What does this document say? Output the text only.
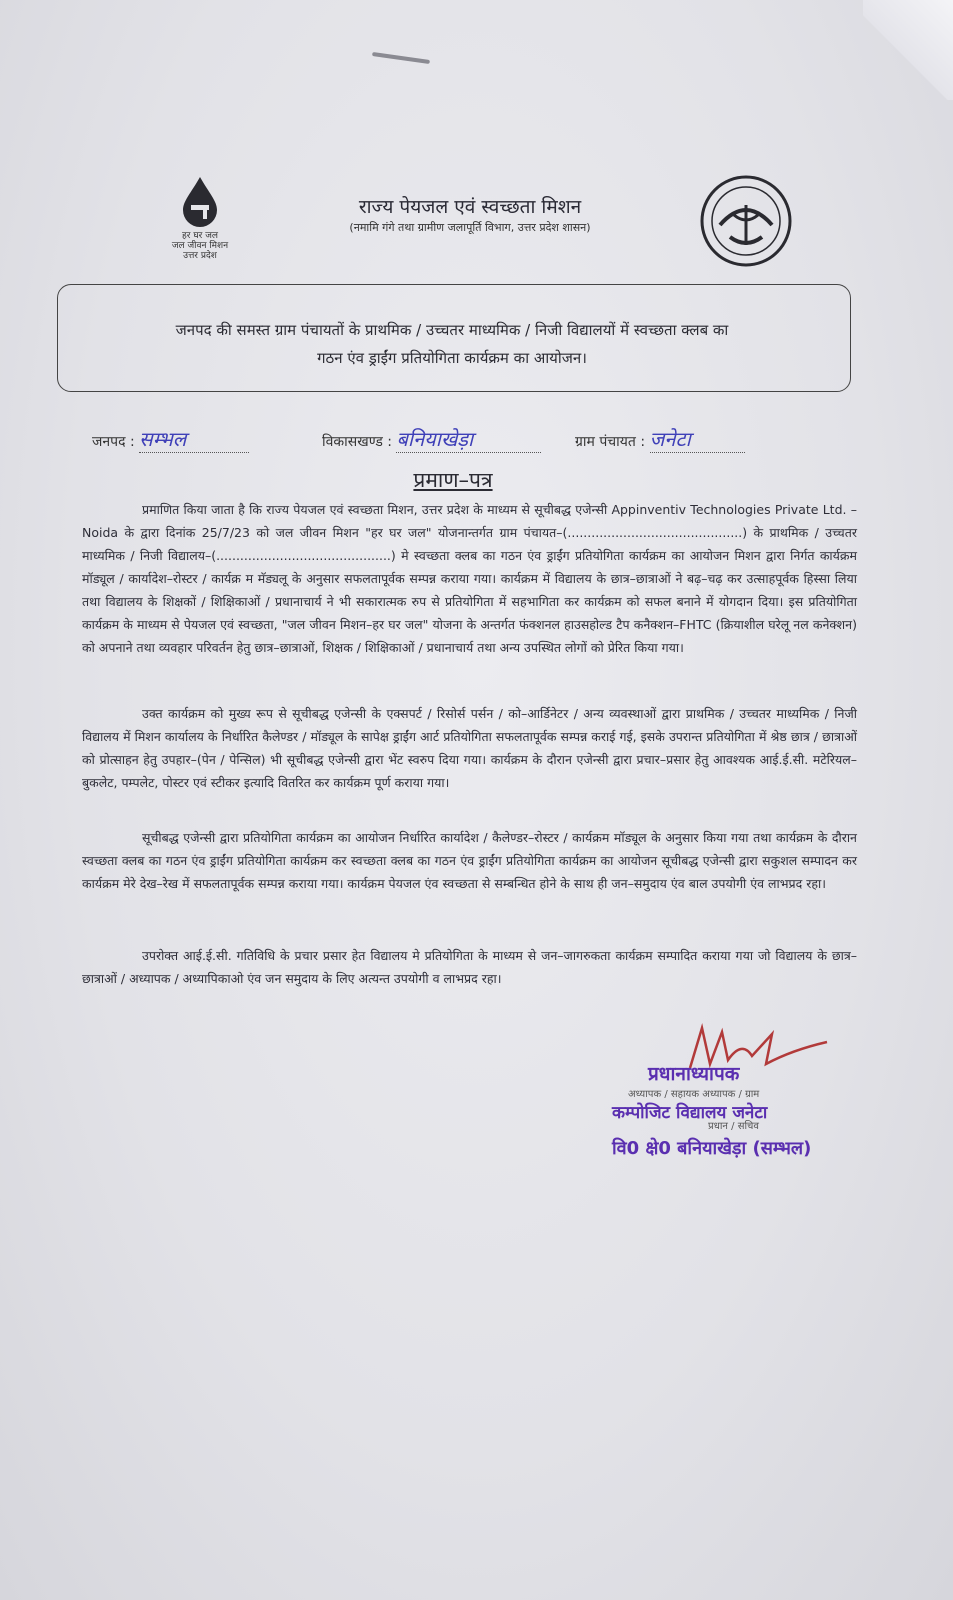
हर घर जल
जल जीवन मिशन
उत्तर प्रदेश
राज्य पेयजल एवं स्वच्छता मिशन
(नमामि गंगे तथा ग्रामीण जलापूर्ति विभाग, उत्तर प्रदेश शासन)
जनपद की समस्त ग्राम पंचायतों के प्राथमिक / उच्चतर माध्यमिक / निजी विद्यालयों में स्वच्छता क्लब का
गठन एंव ड्राईंग प्रतियोगिता कार्यक्रम का आयोजन।
जनपद : सम्भल	विकासखण्ड : बनियाखेड़ा	ग्राम पंचायत : जनेटा
प्रमाण–पत्र
प्रमाणित किया जाता है कि राज्य पेयजल एवं स्वच्छता मिशन, उत्तर प्रदेश के माध्यम से सूचीबद्ध एजेन्सी Appinventiv Technologies Private Ltd. – Noida के द्वारा दिनांक 25/7/23 को जल जीवन मिशन "हर घर जल" योजनान्तर्गत ग्राम पंचायत–(............................................) के प्राथमिक / उच्चतर माध्यमिक / निजी विद्यालय–(............................................) मे स्वच्छता क्लब का गठन एंव ड्राईंग प्रतियोगिता कार्यक्रम का आयोजन मिशन द्वारा निर्गत कार्यक्रम मॉड्यूल / कार्यादेश–रोस्टर / कार्यक्र म मॅड्यलू के अनुसार सफलतापूर्वक सम्पन्न कराया गया। कार्यक्रम में विद्यालय के छात्र–छात्राओं ने बढ़–चढ़ कर उत्साहपूर्वक हिस्सा लिया तथा विद्यालय के शिक्षकों / शिक्षिकाओं / प्रधानाचार्य ने भी सकारात्मक रुप से प्रतियोगिता में सहभागिता कर कार्यक्रम को सफल बनाने में योगदान दिया। इस प्रतियोगिता कार्यक्रम के माध्यम से पेयजल एवं स्वच्छता, "जल जीवन मिशन–हर घर जल" योजना के अन्तर्गत फंक्शनल हाउसहोल्ड टैप कनैक्शन–FHTC (क्रियाशील घरेलू नल कनेक्शन) को अपनाने तथा व्यवहार परिवर्तन हेतु छात्र–छात्राओं, शिक्षक / शिक्षिकाओं / प्रधानाचार्य तथा अन्य उपस्थित लोगों को प्रेरित किया गया।
उक्त कार्यक्रम को मुख्य रूप से सूचीबद्ध एजेन्सी के एक्सपर्ट / रिसोर्स पर्सन / को–आर्डिनेटर / अन्य व्यवस्थाओं द्वारा प्राथमिक / उच्चतर माध्यमिक / निजी विद्यालय में मिशन कार्यालय के निर्धारित कैलेण्डर / मॉड्यूल के सापेक्ष ड्राईंग आर्ट प्रतियोगिता सफलतापूर्वक सम्पन्न कराई गई, इसके उपरान्त प्रतियोगिता में श्रेष्ठ छात्र / छात्राओं को प्रोत्साहन हेतु उपहार–(पेन / पेन्सिल) भी सूचीबद्ध एजेन्सी द्वारा भेंट स्वरुप दिया गया। कार्यक्रम के दौरान एजेन्सी द्वारा प्रचार–प्रसार हेतु आवश्यक आई.ई.सी. मटेरियल–बुकलेट, पम्पलेट, पोस्टर एवं स्टीकर इत्यादि वितरित कर कार्यक्रम पूर्ण कराया गया।
सूचीबद्ध एजेन्सी द्वारा प्रतियोगिता कार्यक्रम का आयोजन निर्धारित कार्यादेश / कैलेण्डर–रोस्टर / कार्यक्रम मॉड्यूल के अनुसार किया गया तथा कार्यक्रम के दौरान स्वच्छता क्लब का गठन एंव ड्राईंग प्रतियोगिता कार्यक्रम कर स्वच्छता क्लब का गठन एंव ड्राईंग प्रतियोगिता कार्यक्रम का आयोजन सूचीबद्ध एजेन्सी द्वारा सकुशल सम्पादन कर कार्यक्रम मेरे देख–रेख में सफलतापूर्वक सम्पन्न कराया गया। कार्यक्रम पेयजल एंव स्वच्छता से सम्बन्धित होने के साथ ही जन–समुदाय एंव बाल उपयोगी एंव लाभप्रद रहा।
उपरोक्त आई.ई.सी. गतिविधि के प्रचार प्रसार हेत विद्यालय मे प्रतियोगिता के माध्यम से जन–जागरुकता कार्यक्रम सम्पादित कराया गया जो विद्यालय के छात्र–छात्राओं / अध्यापक / अध्यापिकाओ एंव जन समुदाय के लिए अत्यन्त उपयोगी व लाभप्रद रहा।
प्रधानाध्यापक
अध्यापक / सहायक अध्यापक / ग्राम
कम्पोजिट विद्यालय जनेटा
प्रधान / सचिव
वि0 क्षे0 बनियाखेड़ा (सम्भल)
